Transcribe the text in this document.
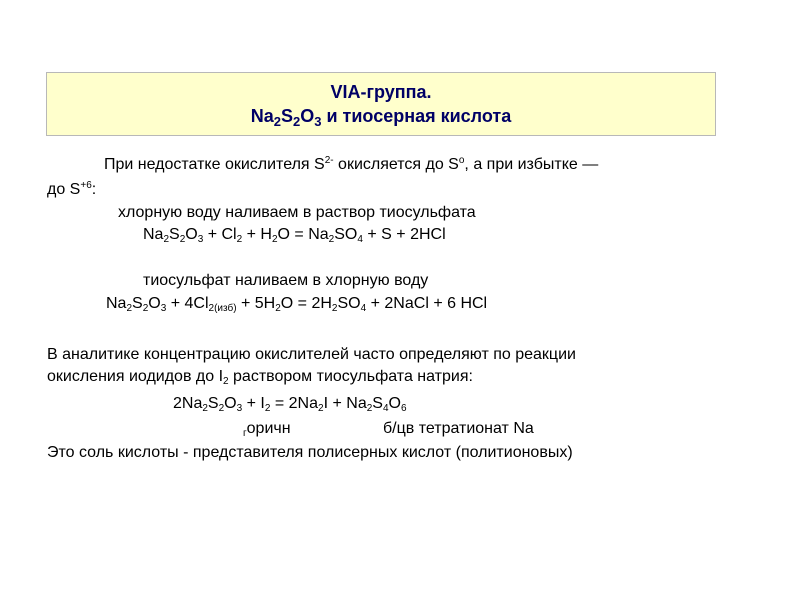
VIA-группа.
$Na_2S_2O_3$ и тиосерная кислота
При недостатке окислителя $S^{2-}$ окисляется до $S^o$, а при избытке —
до $S^{+6}$:
хлорную воду наливаем в раствор тиосульфата
$Na_2S_2O_3 + Cl_2 + H_2O = Na_2SO_4 + S + 2HCl$
тиосульфат наливаем в хлорную воду
$Na_2S_2O_3 + 4Cl_{2(изб)} + 5H_2O = 2H_2SO_4$ + 2NaCl + 6 HCl
В аналитике концентрацию окислителей часто определяют по реакции
окисления иодидов до $I_2$ раствором тиосульфата натрия:
$2Na_2S_2O_3 + I_2 = 2Na_2I + Na_2S_4O_6$
$_г$оричн	б/цв тетратионат Na
Это соль кислоты - представителя полисерных кислот (политионовых)
